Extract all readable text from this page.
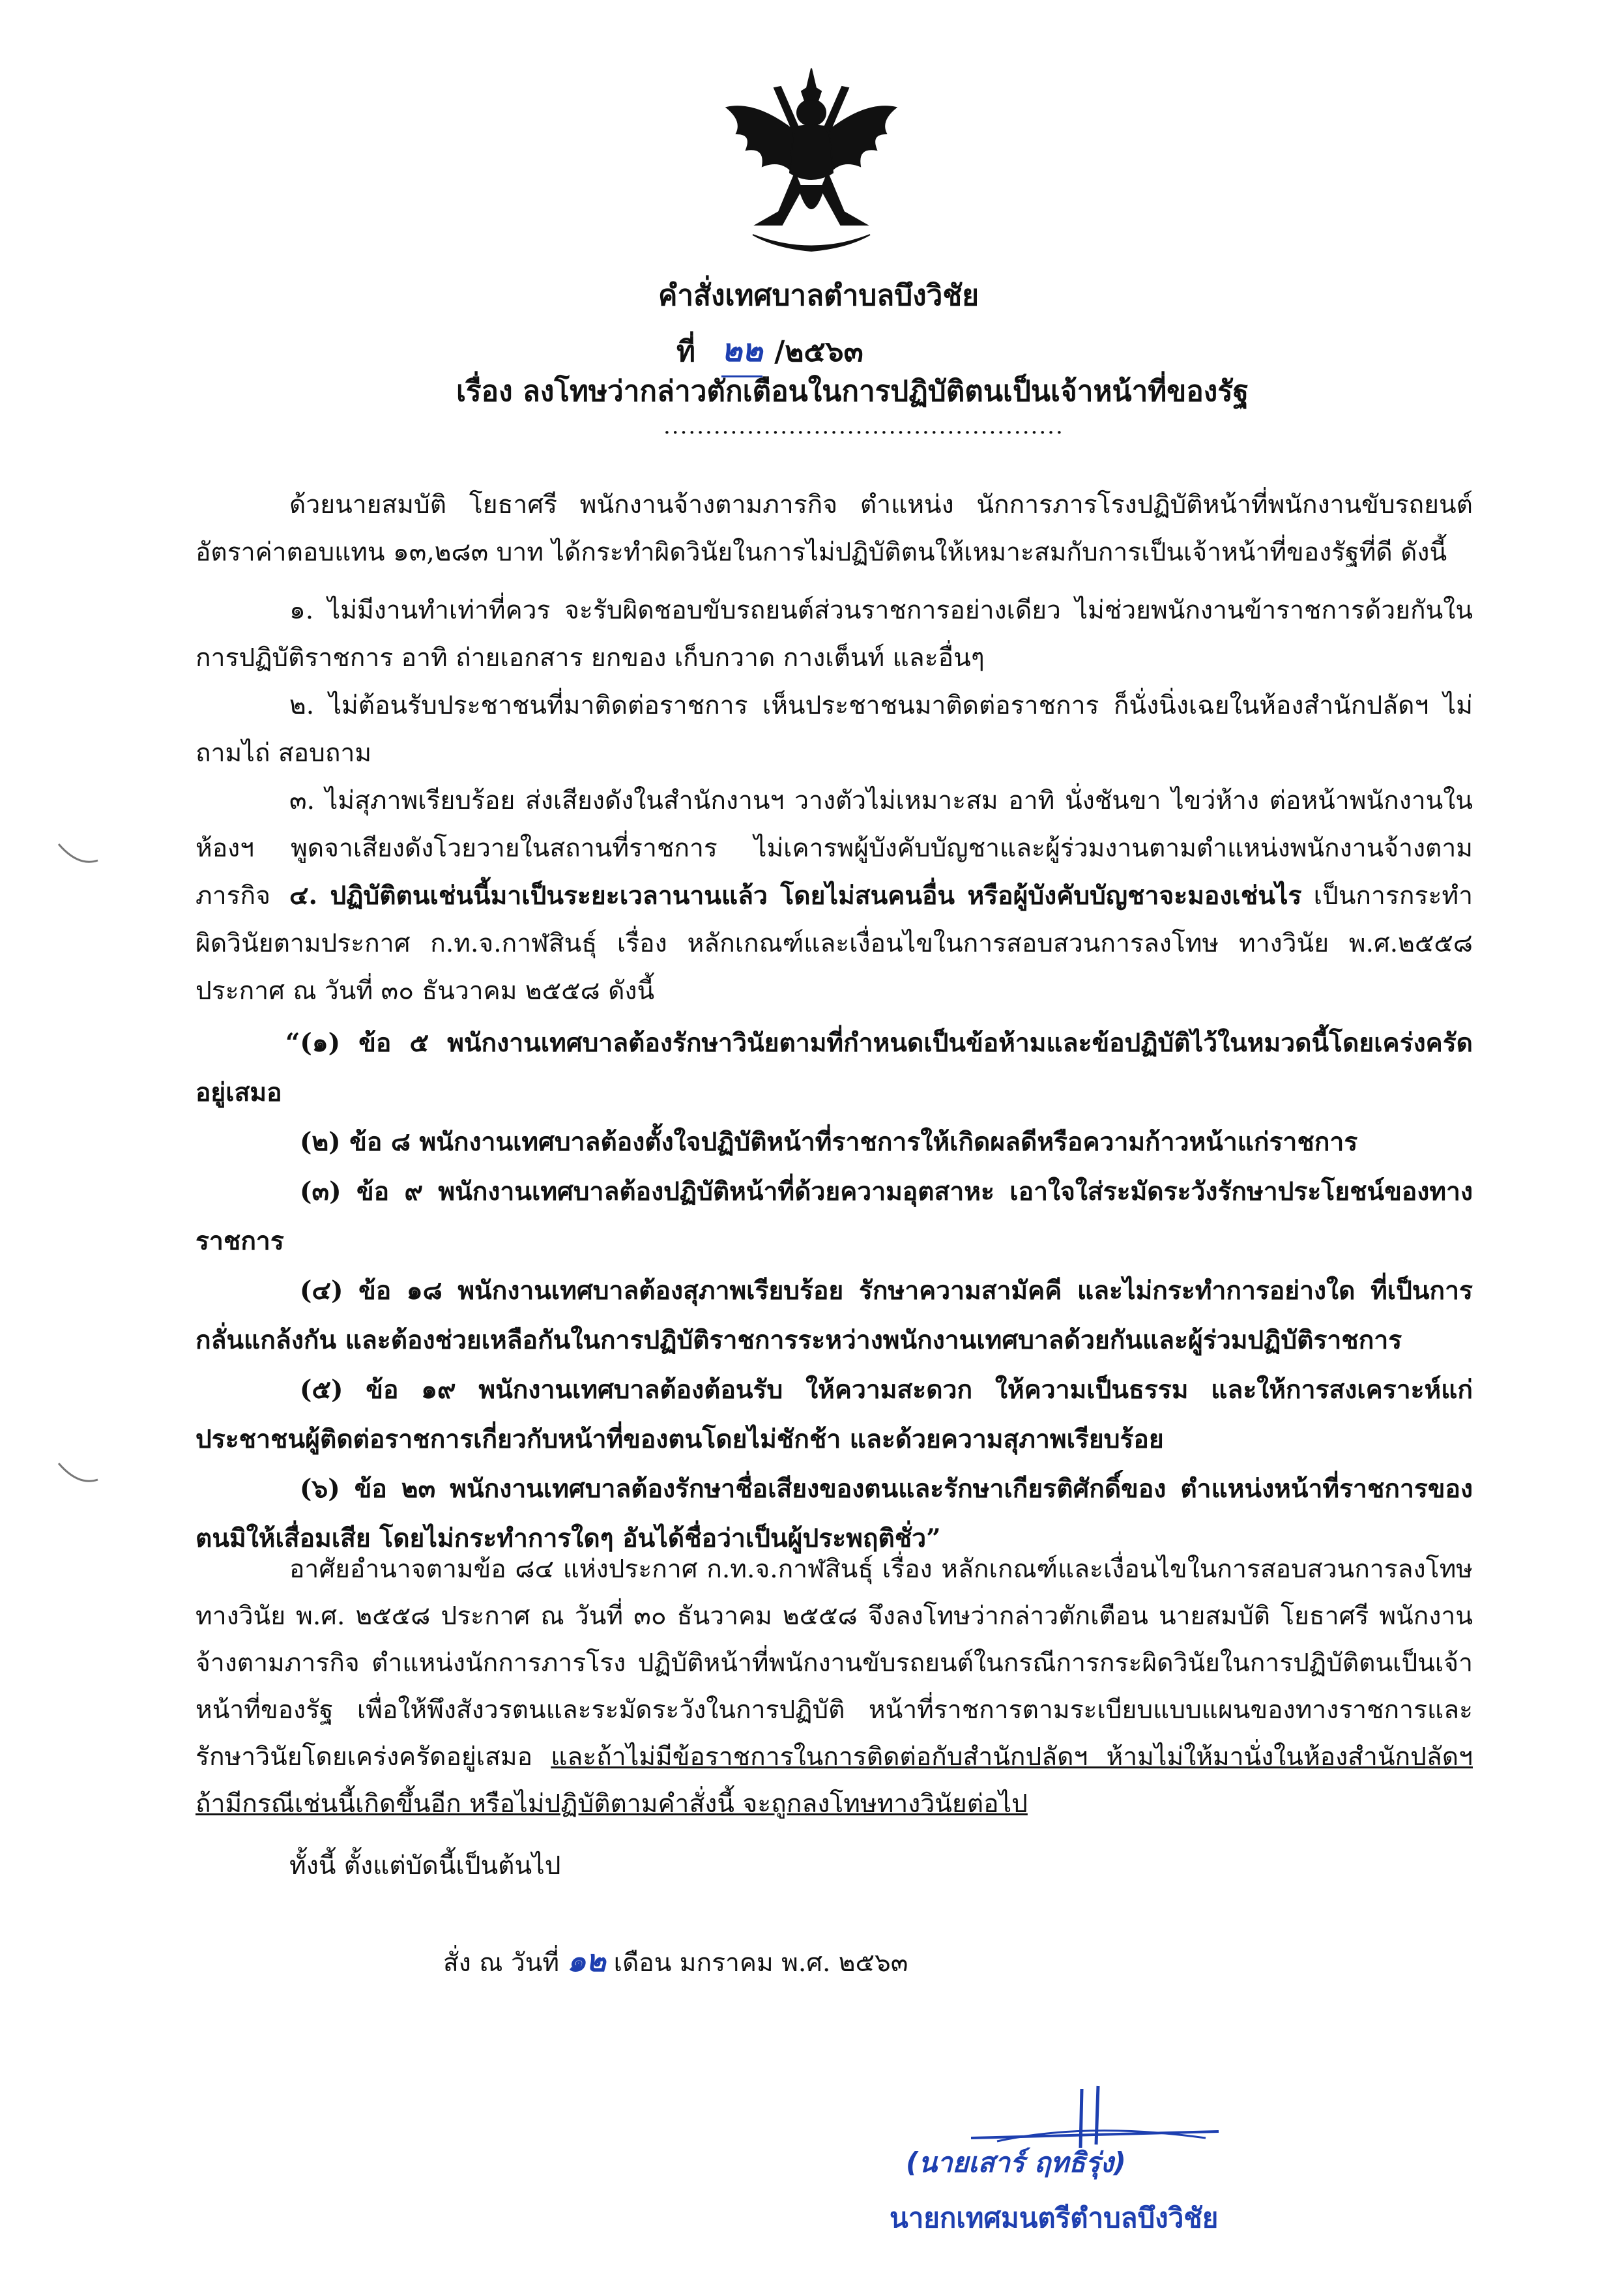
คำสั่งเทศบาลตำบลบึงวิชัย
ที่ ๒๒ /๒๕๖๓
เรื่อง ลงโทษว่ากล่าวตักเตือนในการปฏิบัติตนเป็นเจ้าหน้าที่ของรัฐ
................................................
ด้วยนายสมบัติ โยธาศรี พนักงานจ้างตามภารกิจ ตำแหน่ง นักการภารโรงปฏิบัติหน้าที่พนักงานขับรถยนต์ อัตราค่าตอบแทน ๑๓,๒๘๓ บาท ได้กระทำผิดวินัยในการไม่ปฏิบัติตนให้เหมาะสมกับการเป็นเจ้าหน้าที่ของรัฐที่ดี ดังนี้
๑. ไม่มีงานทำเท่าที่ควร จะรับผิดชอบขับรถยนต์ส่วนราชการอย่างเดียว ไม่ช่วยพนักงานข้าราชการด้วยกันในการปฏิบัติราชการ อาทิ ถ่ายเอกสาร ยกของ เก็บกวาด กางเต็นท์ และอื่นๆ
๒. ไม่ต้อนรับประชาชนที่มาติดต่อราชการ เห็นประชาชนมาติดต่อราชการ ก็นั่งนิ่งเฉยในห้องสำนักปลัดฯ ไม่ถามไถ่ สอบถาม
๓. ไม่สุภาพเรียบร้อย ส่งเสียงดังในสำนักงานฯ วางตัวไม่เหมาะสม อาทิ นั่งชันขา ไขว่ห้าง ต่อหน้าพนักงานในห้องฯ พูดจาเสียงดังโวยวายในสถานที่ราชการ ไม่เคารพผู้บังคับบัญชาและผู้ร่วมงานตามตำแหน่งพนักงานจ้างตามภารกิจ ๔. ปฏิบัติตนเช่นนี้มาเป็นระยะเวลานานแล้ว โดยไม่สนคนอื่น หรือผู้บังคับบัญชาจะมองเช่นไร เป็นการกระทำผิดวินัยตามประกาศ ก.ท.จ.กาฬสินธุ์ เรื่อง หลักเกณฑ์และเงื่อนไขในการสอบสวนการลงโทษ ทางวินัย พ.ศ.๒๕๕๘ ประกาศ ณ วันที่ ๓๐ ธันวาคม ๒๕๕๘ ดังนี้
“(๑) ข้อ ๕ พนักงานเทศบาลต้องรักษาวินัยตามที่กำหนดเป็นข้อห้ามและข้อปฏิบัติไว้ในหมวดนี้โดยเคร่งครัดอยู่เสมอ
(๒) ข้อ ๘ พนักงานเทศบาลต้องตั้งใจปฏิบัติหน้าที่ราชการให้เกิดผลดีหรือความก้าวหน้าแก่ราชการ
(๓) ข้อ ๙ พนักงานเทศบาลต้องปฏิบัติหน้าที่ด้วยความอุตสาหะ เอาใจใส่ระมัดระวังรักษาประโยชน์ของทางราชการ
(๔) ข้อ ๑๘ พนักงานเทศบาลต้องสุภาพเรียบร้อย รักษาความสามัคคี และไม่กระทำการอย่างใด ที่เป็นการกลั่นแกล้งกัน และต้องช่วยเหลือกันในการปฏิบัติราชการระหว่างพนักงานเทศบาลด้วยกันและผู้ร่วมปฏิบัติราชการ
(๕) ข้อ ๑๙ พนักงานเทศบาลต้องต้อนรับ ให้ความสะดวก ให้ความเป็นธรรม และให้การสงเคราะห์แก่ประชาชนผู้ติดต่อราชการเกี่ยวกับหน้าที่ของตนโดยไม่ชักช้า และด้วยความสุภาพเรียบร้อย
(๖) ข้อ ๒๓ พนักงานเทศบาลต้องรักษาชื่อเสียงของตนและรักษาเกียรติศักดิ์ของ ตำแหน่งหน้าที่ราชการของตนมิให้เสื่อมเสีย โดยไม่กระทำการใดๆ อันได้ชื่อว่าเป็นผู้ประพฤติชั่ว”
อาศัยอำนาจตามข้อ ๘๔ แห่งประกาศ ก.ท.จ.กาฬสินธุ์ เรื่อง หลักเกณฑ์และเงื่อนไขในการสอบสวนการลงโทษทางวินัย พ.ศ. ๒๕๕๘ ประกาศ ณ วันที่ ๓๐ ธันวาคม ๒๕๕๘ จึงลงโทษว่ากล่าวตักเตือน นายสมบัติ โยธาศรี พนักงานจ้างตามภารกิจ ตำแหน่งนักการภารโรง ปฏิบัติหน้าที่พนักงานขับรถยนต์ในกรณีการกระผิดวินัยในการปฏิบัติตนเป็นเจ้าหน้าที่ของรัฐ เพื่อให้พึงสังวรตนและระมัดระวังในการปฏิบัติ หน้าที่ราชการตามระเบียบแบบแผนของทางราชการและรักษาวินัยโดยเคร่งครัดอยู่เสมอ และถ้าไม่มีข้อราชการในการติดต่อกับสำนักปลัดฯ ห้ามไม่ให้มานั่งในห้องสำนักปลัดฯ ถ้ามีกรณีเช่นนี้เกิดขึ้นอีก หรือไม่ปฏิบัติตามคำสั่งนี้ จะถูกลงโทษทางวินัยต่อไป
ทั้งนี้ ตั้งแต่บัดนี้เป็นต้นไป
สั่ง ณ วันที่ ๑๒ เดือน มกราคม พ.ศ. ๒๕๖๓
(นายเสาร์ ฤทธิรุ่ง)
นายกเทศมนตรีตำบลบึงวิชัย
